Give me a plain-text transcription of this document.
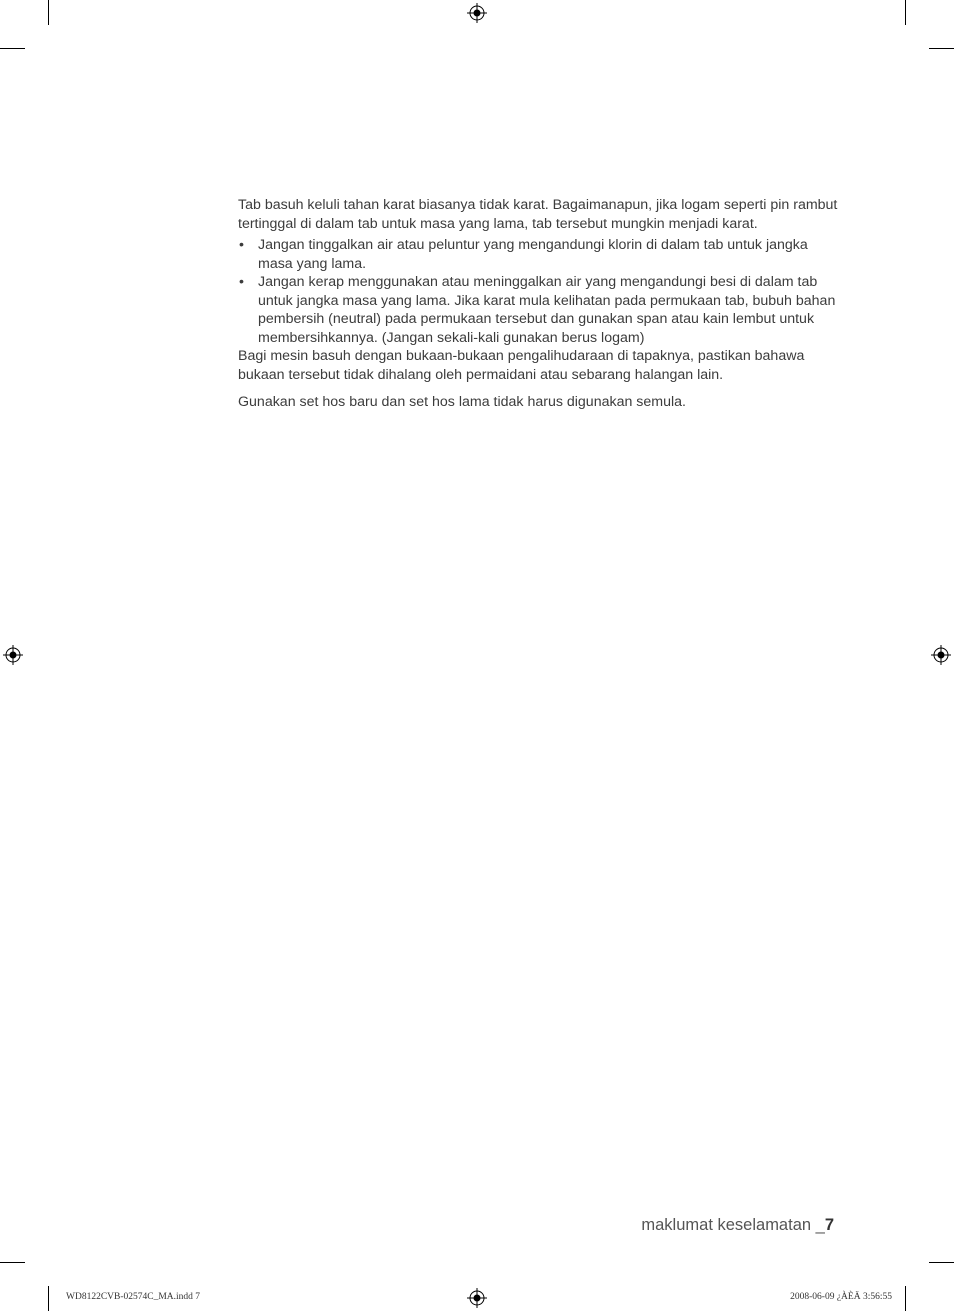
Tab basuh keluli tahan karat biasanya tidak karat. Bagaimanapun, jika logam seperti pin rambut tertinggal di dalam tab untuk masa yang lama, tab tersebut mungkin menjadi karat.

• Jangan tinggalkan air atau peluntur yang mengandungi klorin di dalam tab untuk jangka masa yang lama.
• Jangan kerap menggunakan atau meninggalkan air yang mengandungi besi di dalam tab untuk jangka masa yang lama. Jika karat mula kelihatan pada permukaan tab, bubuh bahan pembersih (neutral) pada permukaan tersebut dan gunakan span atau kain lembut untuk membersihkannya. (Jangan sekali-kali gunakan berus logam)

Bagi mesin basuh dengan bukaan-bukaan pengalihudaraan di tapaknya, pastikan bahawa bukaan tersebut tidak dihalang oleh permaidani atau sebarang halangan lain.

Gunakan set hos baru dan set hos lama tidak harus digunakan semula.

maklumat keselamatan _7
WD8122CVB-02574C_MA.indd 7	2008-06-09 ¿ÀÈÄ 3:56:55
